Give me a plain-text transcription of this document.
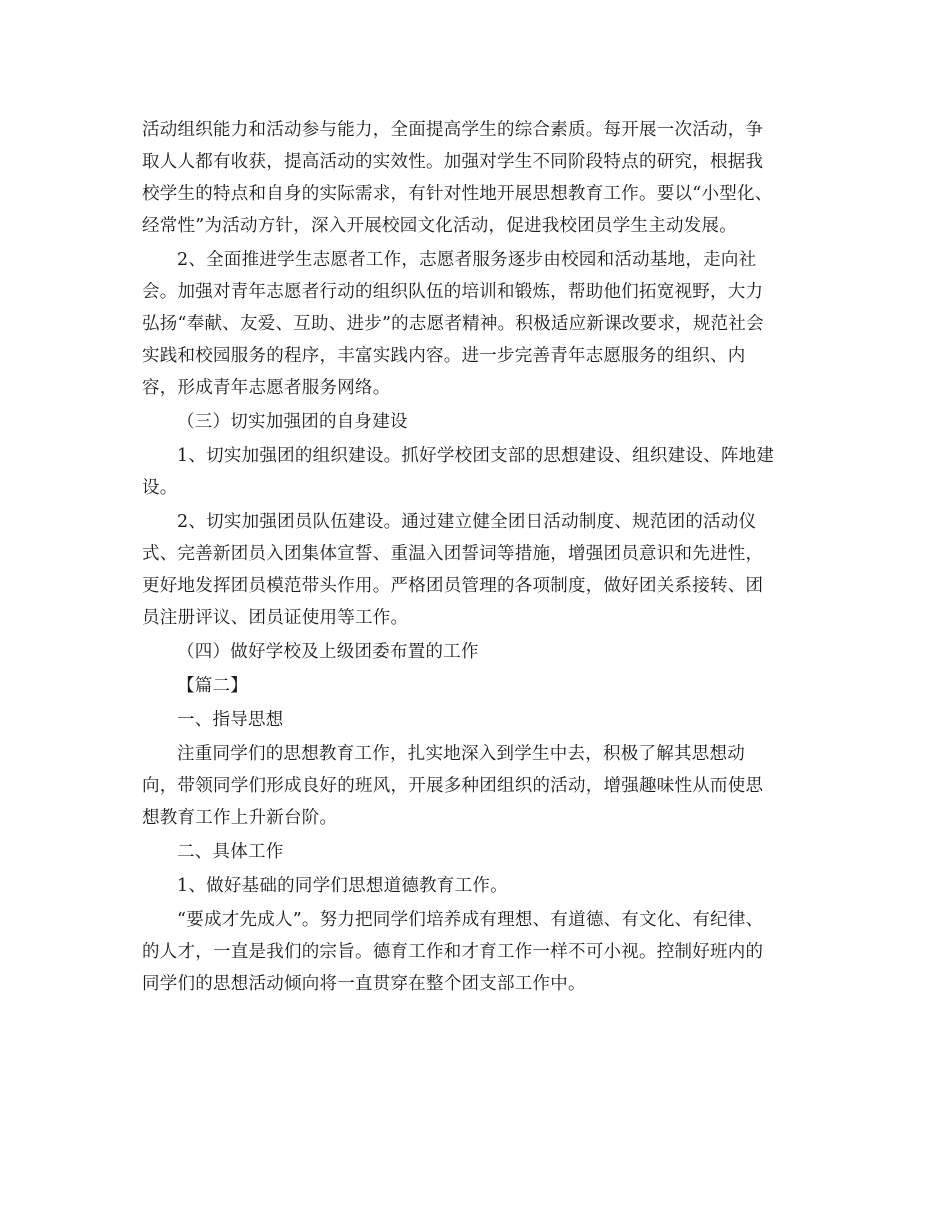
活动组织能力和活动参与能力，全面提高学生的综合素质。每开展一次活动，争
取人人都有收获，提高活动的实效性。加强对学生不同阶段特点的研究，根据我
校学生的特点和自身的实际需求，有针对性地开展思想教育工作。要以“小型化、
经常性”为活动方针，深入开展校园文化活动，促进我校团员学生主动发展。

2、全面推进学生志愿者工作，志愿者服务逐步由校园和活动基地，走向社
会。加强对青年志愿者行动的组织队伍的培训和锻炼，帮助他们拓宽视野，大力
弘扬“奉献、友爱、互助、进步”的志愿者精神。积极适应新课改要求，规范社会
实践和校园服务的程序，丰富实践内容。进一步完善青年志愿服务的组织、内
容，形成青年志愿者服务网络。

（三）切实加强团的自身建设

1、切实加强团的组织建设。抓好学校团支部的思想建设、组织建设、阵地建
设。

2、切实加强团员队伍建设。通过建立健全团日活动制度、规范团的活动仪
式、完善新团员入团集体宣誓、重温入团誓词等措施，增强团员意识和先进性，
更好地发挥团员模范带头作用。严格团员管理的各项制度，做好团关系接转、团
员注册评议、团员证使用等工作。

（四）做好学校及上级团委布置的工作

【篇二】

一、指导思想

注重同学们的思想教育工作，扎实地深入到学生中去，积极了解其思想动
向，带领同学们形成良好的班风，开展多种团组织的活动，增强趣味性从而使思
想教育工作上升新台阶。

二、具体工作

1、做好基础的同学们思想道德教育工作。

“要成才先成人”。努力把同学们培养成有理想、有道德、有文化、有纪律、
的人才，一直是我们的宗旨。德育工作和才育工作一样不可小视。控制好班内的
同学们的思想活动倾向将一直贯穿在整个团支部工作中。
